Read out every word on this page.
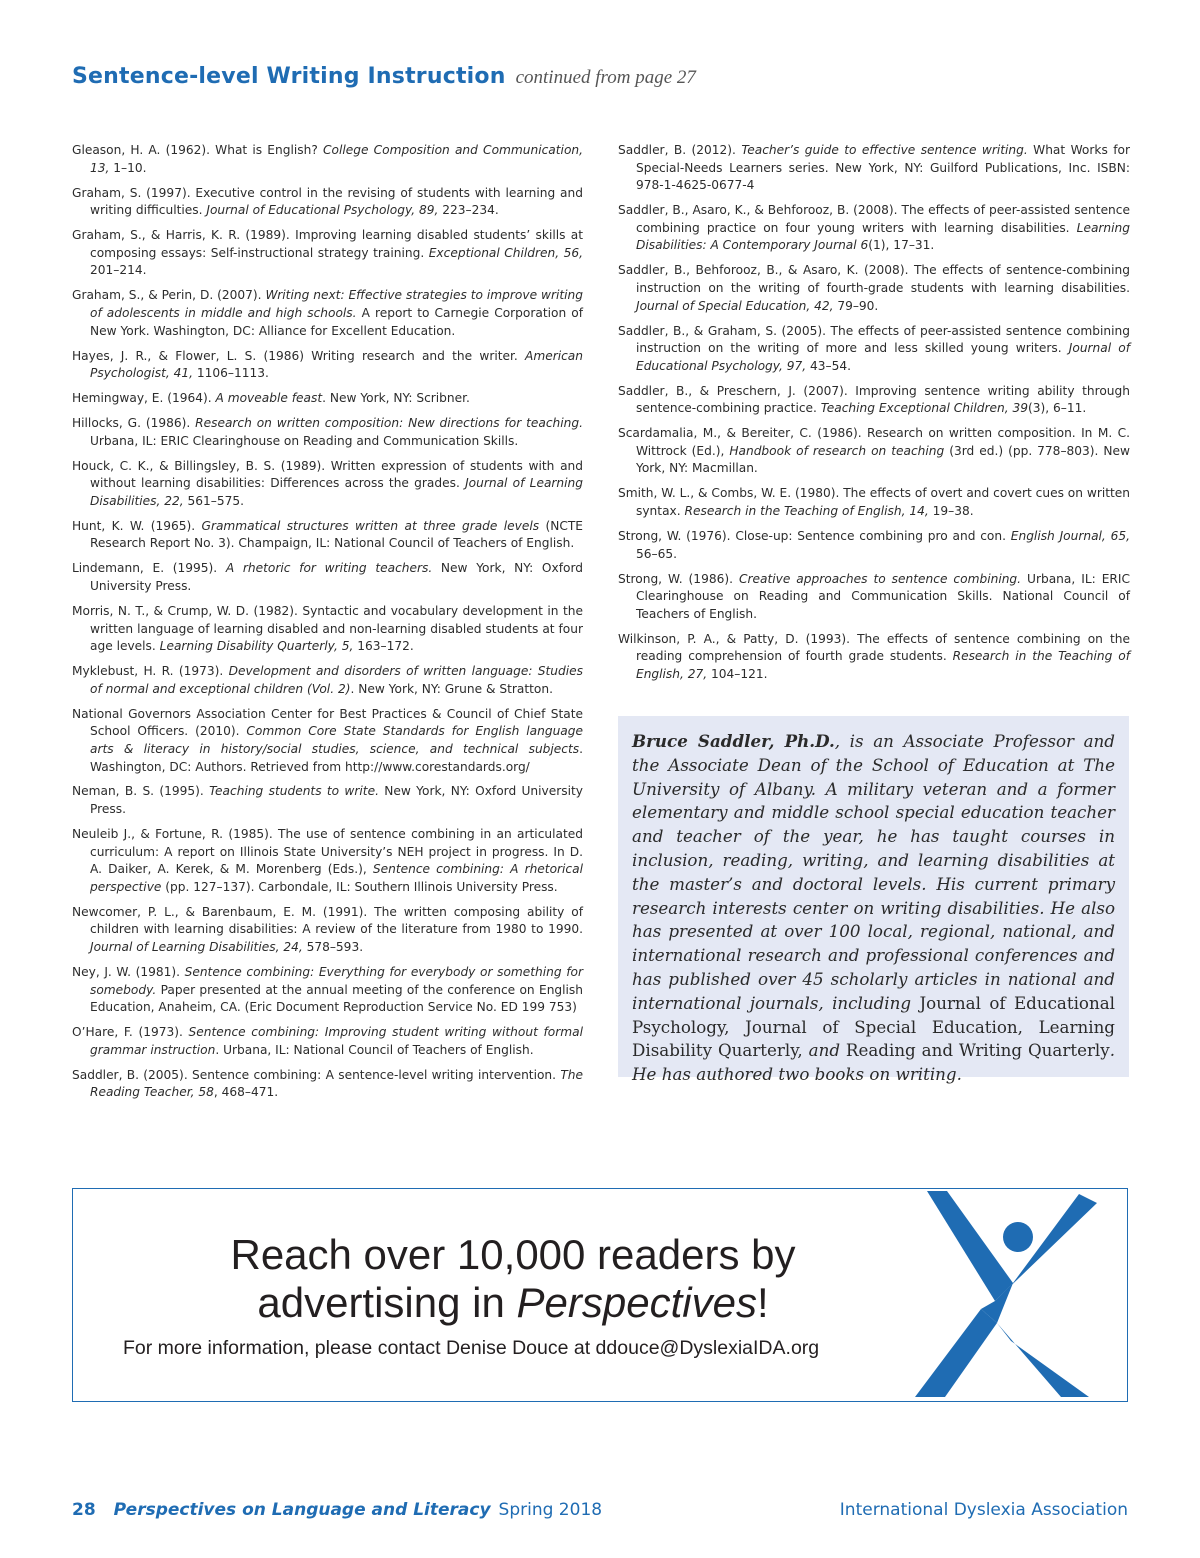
Sentence-level Writing Instruction continued from page 27
Gleason, H. A. (1962). What is English? College Composition and Communication, 13, 1–10.
Graham, S. (1997). Executive control in the revising of students with learning and writing difficulties. Journal of Educational Psychology, 89, 223–234.
Graham, S., & Harris, K. R. (1989). Improving learning disabled students’ skills at composing essays: Self-instructional strategy training. Exceptional Children, 56, 201–214.
Graham, S., & Perin, D. (2007). Writing next: Effective strategies to improve writing of adolescents in middle and high schools. A report to Carnegie Corporation of New York. Washington, DC: Alliance for Excellent Education.
Hayes, J. R., & Flower, L. S. (1986) Writing research and the writer. American Psychologist, 41, 1106–1113.
Hemingway, E. (1964). A moveable feast. New York, NY: Scribner.
Hillocks, G. (1986). Research on written composition: New directions for teaching. Urbana, IL: ERIC Clearinghouse on Reading and Communication Skills.
Houck, C. K., & Billingsley, B. S. (1989). Written expression of students with and without learning disabilities: Differences across the grades. Journal of Learning Disabilities, 22, 561–575.
Hunt, K. W. (1965). Grammatical structures written at three grade levels (NCTE Research Report No. 3). Champaign, IL: National Council of Teachers of English.
Lindemann, E. (1995). A rhetoric for writing teachers. New York, NY: Oxford University Press.
Morris, N. T., & Crump, W. D. (1982). Syntactic and vocabulary development in the written language of learning disabled and non-learning disabled students at four age levels. Learning Disability Quarterly, 5, 163–172.
Myklebust, H. R. (1973). Development and disorders of written language: Studies of normal and exceptional children (Vol. 2). New York, NY: Grune & Stratton.
National Governors Association Center for Best Practices & Council of Chief State School Officers. (2010). Common Core State Standards for English language arts & literacy in history/social studies, science, and technical subjects. Washington, DC: Authors. Retrieved from http://www.corestandards.org/
Neman, B. S. (1995). Teaching students to write. New York, NY: Oxford University Press.
Neuleib J., & Fortune, R. (1985). The use of sentence combining in an articulated curriculum: A report on Illinois State University’s NEH project in progress. In D. A. Daiker, A. Kerek, & M. Morenberg (Eds.), Sentence combining: A rhetorical perspective (pp. 127–137). Carbondale, IL: Southern Illinois University Press.
Newcomer, P. L., & Barenbaum, E. M. (1991). The written composing ability of children with learning disabilities: A review of the literature from 1980 to 1990. Journal of Learning Disabilities, 24, 578–593.
Ney, J. W. (1981). Sentence combining: Everything for everybody or something for somebody. Paper presented at the annual meeting of the conference on English Education, Anaheim, CA. (Eric Document Reproduction Service No. ED 199 753)
O’Hare, F. (1973). Sentence combining: Improving student writing without formal grammar instruction. Urbana, IL: National Council of Teachers of English.
Saddler, B. (2005). Sentence combining: A sentence-level writing intervention. The Reading Teacher, 58, 468–471.
Saddler, B. (2012). Teacher’s guide to effective sentence writing. What Works for Special-Needs Learners series. New York, NY: Guilford Publications, Inc. ISBN: 978-1-4625-0677-4
Saddler, B., Asaro, K., & Behforooz, B. (2008). The effects of peer-assisted sentence combining practice on four young writers with learning disabilities. Learning Disabilities: A Contemporary Journal 6(1), 17–31.
Saddler, B., Behforooz, B., & Asaro, K. (2008). The effects of sentence-combining instruction on the writing of fourth-grade students with learning disabilities. Journal of Special Education, 42, 79–90.
Saddler, B., & Graham, S. (2005). The effects of peer-assisted sentence combining instruction on the writing of more and less skilled young writers. Journal of Educational Psychology, 97, 43–54.
Saddler, B., & Preschern, J. (2007). Improving sentence writing ability through sentence-combining practice. Teaching Exceptional Children, 39(3), 6–11.
Scardamalia, M., & Bereiter, C. (1986). Research on written composition. In M. C. Wittrock (Ed.), Handbook of research on teaching (3rd ed.) (pp. 778–803). New York, NY: Macmillan.
Smith, W. L., & Combs, W. E. (1980). The effects of overt and covert cues on written syntax. Research in the Teaching of English, 14, 19–38.
Strong, W. (1976). Close-up: Sentence combining pro and con. English Journal, 65, 56–65.
Strong, W. (1986). Creative approaches to sentence combining. Urbana, IL: ERIC Clearinghouse on Reading and Communication Skills. National Council of Teachers of English.
Wilkinson, P. A., & Patty, D. (1993). The effects of sentence combining on the reading comprehension of fourth grade students. Research in the Teaching of English, 27, 104–121.
Bruce Saddler, Ph.D., is an Associate Professor and the Associate Dean of the School of Education at The University of Albany. A military veteran and a former elementary and middle school special education teacher and teacher of the year, he has taught courses in inclusion, reading, writing, and learning disabilities at the master’s and doctoral levels. His current primary research interests center on writing disabilities. He also has presented at over 100 local, regional, national, and international research and professional conferences and has published over 45 scholarly articles in national and international journals, including Journal of Educational Psychology, Journal of Special Education, Learning Disability Quarterly, and Reading and Writing Quarterly. He has authored two books on writing.
Reach over 10,000 readers by
advertising in Perspectives!
For more information, please contact Denise Douce at ddouce@DyslexiaIDA.org
28 Perspectives on Language and Literacy Spring 2018	International Dyslexia Association
